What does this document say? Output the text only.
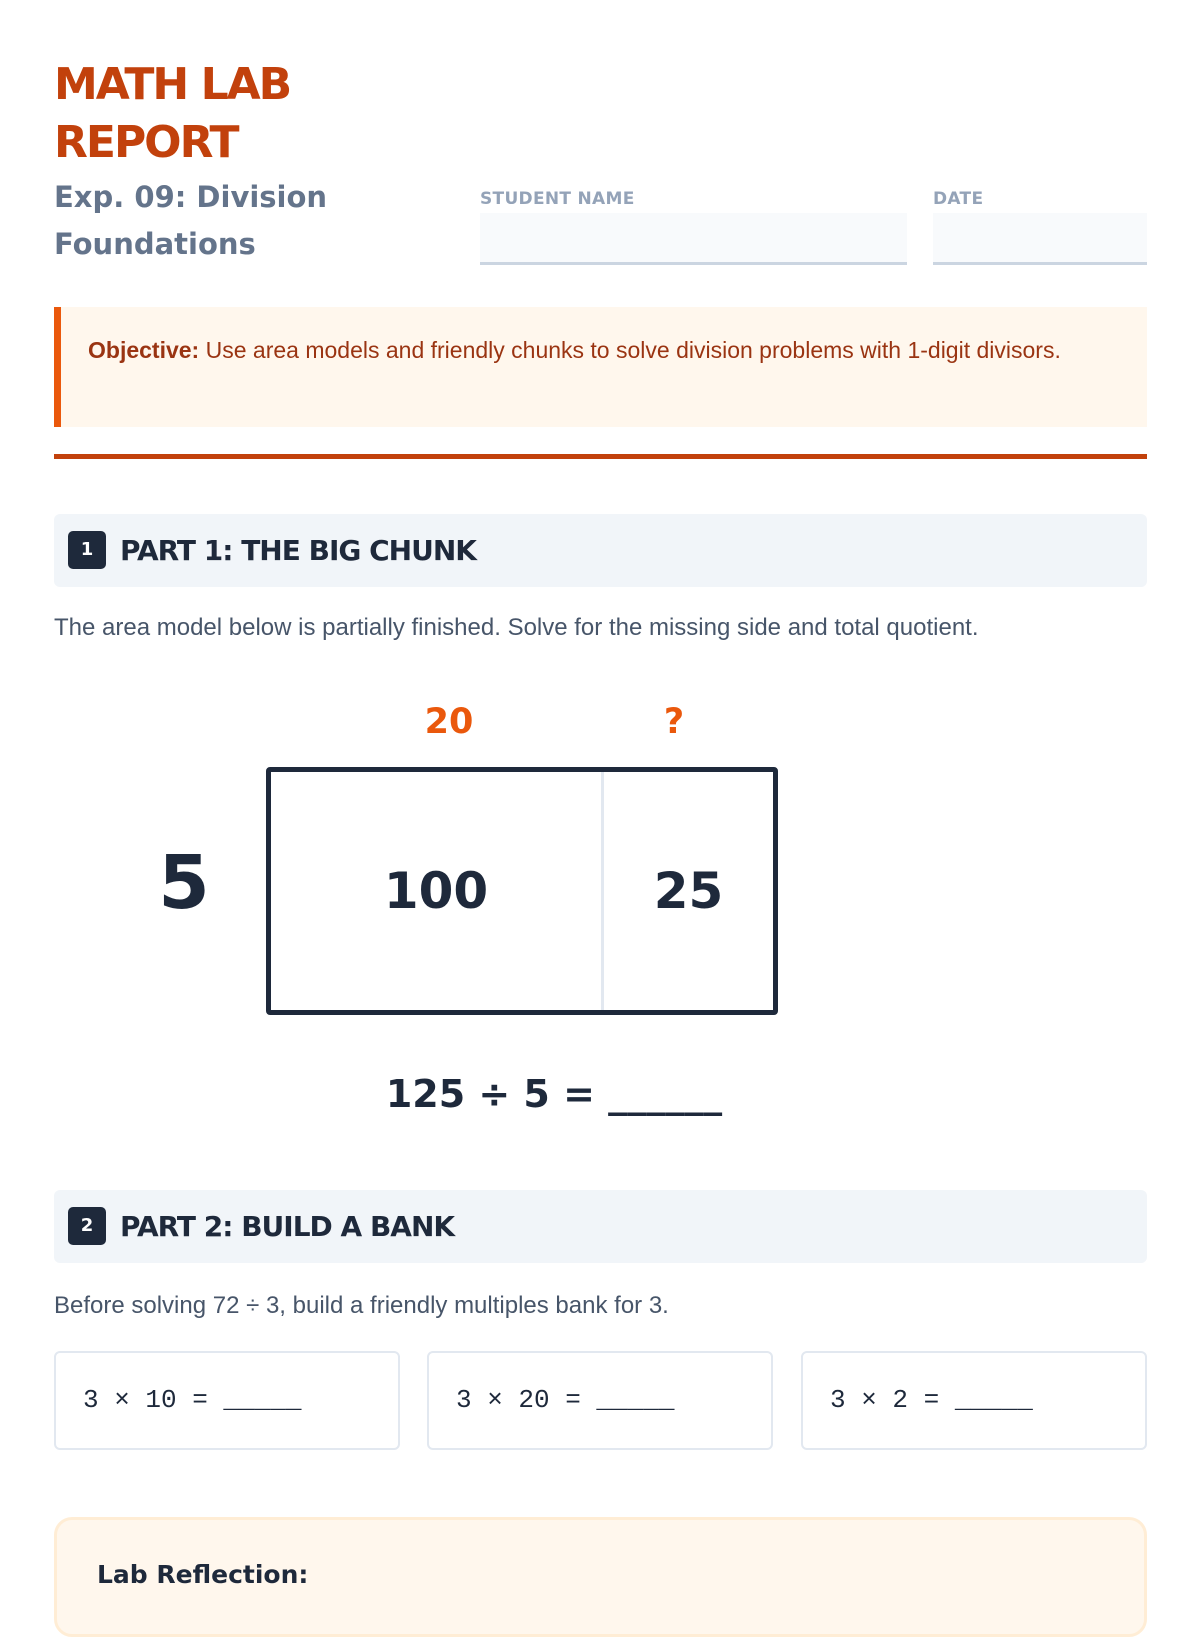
MATH LAB
REPORT
Exp. 09: Division Foundations
STUDENT NAME	DATE
Objective: Use area models and friendly chunks to solve division problems with 1-digit divisors.
1 PART 1: THE BIG CHUNK
The area model below is partially finished. Solve for the missing side and total quotient.
20	?
5	100	25
125 ÷ 5 = ______
2 PART 2: BUILD A BANK
Before solving 72 ÷ 3, build a friendly multiples bank for 3.
3 × 10 = _____	3 × 20 = _____	3 × 2 = _____
Lab Reflection:
